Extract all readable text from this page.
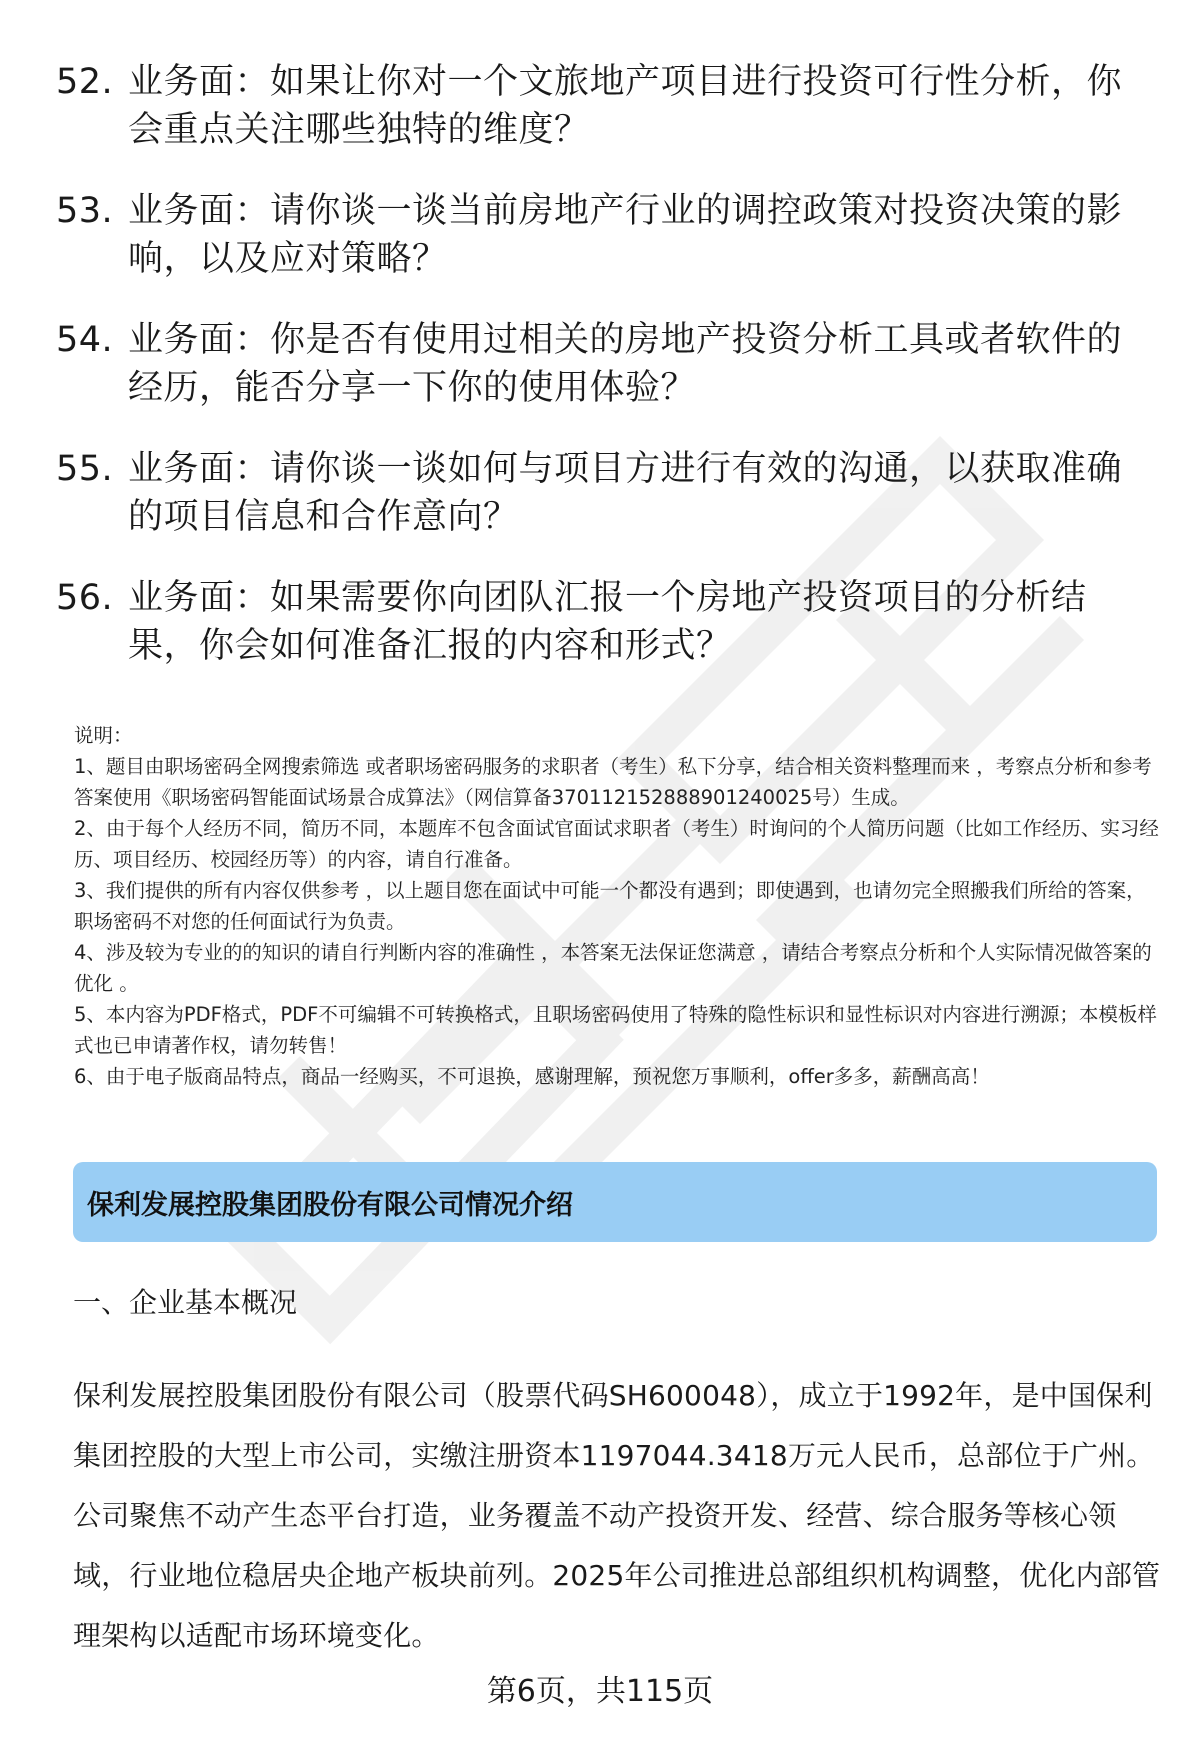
52. 业务面：如果让你对一个文旅地产项目进行投资可行性分析，你会重点关注哪些独特的维度？
53. 业务面：请你谈一谈当前房地产行业的调控政策对投资决策的影响，以及应对策略？
54. 业务面：你是否有使用过相关的房地产投资分析工具或者软件的经历，能否分享一下你的使用体验？
55. 业务面：请你谈一谈如何与项目方进行有效的沟通，以获取准确的项目信息和合作意向？
56. 业务面：如果需要你向团队汇报一个房地产投资项目的分析结果，你会如何准备汇报的内容和形式？
说明：
1、题目由职场密码全网搜索筛选 或者职场密码服务的求职者（考生）私下分享，结合相关资料整理而来 ，考察点分析和参考答案使用《职场密码智能面试场景合成算法》（网信算备370112152888901240025号）生成。
2、由于每个人经历不同，简历不同，本题库不包含面试官面试求职者（考生）时询问的个人简历问题（比如工作经历、实习经历、项目经历、校园经历等）的内容，请自行准备。
3、我们提供的所有内容仅供参考 ，以上题目您在面试中可能一个都没有遇到；即使遇到，也请勿完全照搬我们所给的答案，职场密码不对您的任何面试行为负责。
4、涉及较为专业的的知识的请自行判断内容的准确性 ，本答案无法保证您满意 ，请结合考察点分析和个人实际情况做答案的优化 。
5、本内容为PDF格式，PDF不可编辑不可转换格式，且职场密码使用了特殊的隐性标识和显性标识对内容进行溯源；本模板样式也已申请著作权，请勿转售！
6、由于电子版商品特点，商品一经购买，不可退换，感谢理解，预祝您万事顺利，offer多多，薪酬高高！
保利发展控股集团股份有限公司情况介绍
一、企业基本概况
保利发展控股集团股份有限公司（股票代码SH600048），成立于1992年，是中国保利集团控股的大型上市公司，实缴注册资本1197044.3418万元人民币，总部位于广州。公司聚焦不动产生态平台打造，业务覆盖不动产投资开发、经营、综合服务等核心领域，行业地位稳居央企地产板块前列。2025年公司推进总部组织机构调整，优化内部管理架构以适配市场环境变化。
第6页，共115页
